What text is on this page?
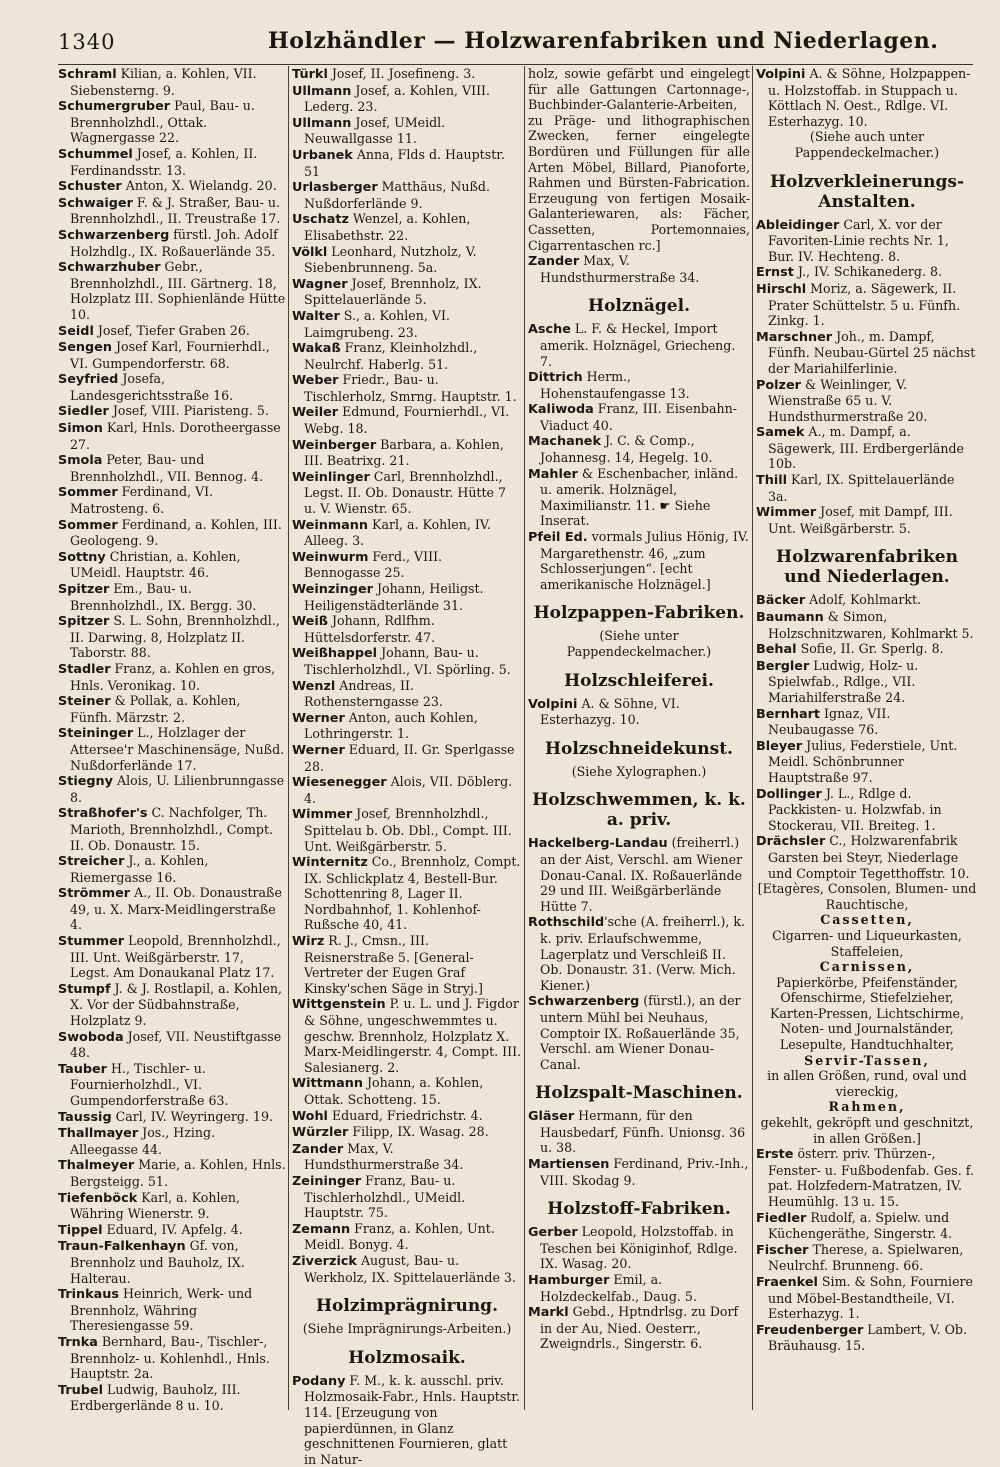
1340	Holzhändler — Holzwarenfabriken und Niederlagen.

Schraml Kilian, a. Kohlen, VII. Siebensterng. 9.

Schumergruber Paul, Bau- u. Brennholzhdl., Ottak. Wagnergasse 22.

Schummel Josef, a. Kohlen, II. Ferdinandsstr. 13.

Schuster Anton, X. Wielandg. 20.

Schwaiger F. & J. Straßer, Bau- u. Brennholzhdl., II. Treustraße 17.

Schwarzenberg fürstl. Joh. Adolf Holzhdlg., IX. Roßauerlände 35.

Schwarzhuber Gebr., Brennholzhdl., III. Gärtnerg. 18, Holzplatz III. Sophienlände Hütte 10.

Seidl Josef, Tiefer Graben 26.

Sengen Josef Karl, Fournierhdl., VI. Gumpendorferstr. 68.

Seyfried Josefa, Landesgerichtsstraße 16.

Siedler Josef, VIII. Piaristeng. 5.

Simon Karl, Hnls. Dorotheergasse 27.

Smola Peter, Bau- und Brennholzhdl., VII. Bennog. 4.

Sommer Ferdinand, VI. Matrosteng. 6.

Sommer Ferdinand, a. Kohlen, III. Geologeng. 9.

Sottny Christian, a. Kohlen, UMeidl. Hauptstr. 46.

Spitzer Em., Bau- u. Brennholzhdl., IX. Bergg. 30.

Spitzer S. L. Sohn, Brennholzhdl., II. Darwing. 8, Holzplatz II. Taborstr. 88.

Stadler Franz, a. Kohlen en gros, Hnls. Veronikag. 10.

Steiner & Pollak, a. Kohlen, Fünfh. Märzstr. 2.

Steininger L., Holzlager der Attersee'r Maschinensäge, Nußd. Nußdorferlände 17.

Stiegny Alois, U. Lilienbrunngasse 8.

Straßhofer's C. Nachfolger, Th. Marioth, Brennholzhdl., Compt. II. Ob. Donaustr. 15.

Streicher J., a. Kohlen, Riemergasse 16.

Strömmer A., II. Ob. Donaustraße 49, u. X. Marx-Meidlingerstraße 4.

Stummer Leopold, Brennholzhdl., III. Unt. Weißgärberstr. 17, Legst. Am Donaukanal Platz 17.

Stumpf J. & J. Rostlapil, a. Kohlen, X. Vor der Südbahnstraße, Holzplatz 9.

Swoboda Josef, VII. Neustiftgasse 48.

Tauber H., Tischler- u. Fournierholzhdl., VI. Gumpendorferstraße 63.

Taussig Carl, IV. Weyringerg. 19.

Thallmayer Jos., Hzing. Alleegasse 44.

Thalmeyer Marie, a. Kohlen, Hnls. Bergsteigg. 51.

Tiefenböck Karl, a. Kohlen, Währing Wienerstr. 9.

Tippel Eduard, IV. Apfelg. 4.

Traun-Falkenhayn Gf. von, Brennholz und Bauholz, IX. Halterau.

Trinkaus Heinrich, Werk- und Brennholz, Währing Theresiengasse 59.

Trnka Bernhard, Bau-, Tischler-, Brennholz- u. Kohlenhdl., Hnls. Hauptstr. 2a.

Trubel Ludwig, Bauholz, III. Erdbergerlände 8 u. 10.

Türkl Josef, II. Josefineng. 3.

Ullmann Josef, a. Kohlen, VIII. Lederg. 23.

Ullmann Josef, UMeidl. Neuwallgasse 11.

Urbanek Anna, Flds d. Hauptstr. 51

Urlasberger Matthäus, Nußd. Nußdorferlände 9.

Uschatz Wenzel, a. Kohlen, Elisabethstr. 22.

Völkl Leonhard, Nutzholz, V. Siebenbrunneng. 5a.

Wagner Josef, Brennholz, IX. Spittelauerlände 5.

Walter S., a. Kohlen, VI. Laimgrubeng. 23.

Wakaß Franz, Kleinholzhdl., Neulrchf. Haberlg. 51.

Weber Friedr., Bau- u. Tischlerholz, Smrng. Hauptstr. 1.

Weiler Edmund, Fournierhdl., VI. Webg. 18.

Weinberger Barbara, a. Kohlen, III. Beatrixg. 21.

Weinlinger Carl, Brennholzhdl., Legst. II. Ob. Donaustr. Hütte 7 u. V. Wienstr. 65.

Weinmann Karl, a. Kohlen, IV. Alleeg. 3.

Weinwurm Ferd., VIII. Bennogasse 25.

Weinzinger Johann, Heiligst. Heiligenstädterlände 31.

Weiß Johann, Rdlfhm. Hüttelsdorferstr. 47.

Weißhappel Johann, Bau- u. Tischlerholzhdl., VI. Spörling. 5.

Wenzl Andreas, II. Rothensterngasse 23.

Werner Anton, auch Kohlen, Lothringerstr. 1.

Werner Eduard, II. Gr. Sperlgasse 28.

Wiesenegger Alois, VII. Döblerg. 4.

Wimmer Josef, Brennholzhdl., Spittelau b. Ob. Dbl., Compt. III. Unt. Weißgärberstr. 5.

Winternitz Co., Brennholz, Compt. IX. Schlickplatz 4, Bestell-Bur. Schottenring 8, Lager II. Nordbahnhof, 1. Kohlenhof-Rußsche 40, 41.

Wirz R. J., Cmsn., III. Reisnerstraße 5. [General-Vertreter der Eugen Graf Kinsky'schen Säge in Stryj.]

Wittgenstein P. u. L. und J. Figdor & Söhne, ungeschwemmtes u. geschw. Brennholz, Holzplatz X. Marx-Meidlingerstr. 4, Compt. III. Salesianerg. 2.

Wittmann Johann, a. Kohlen, Ottak. Schotteng. 15.

Wohl Eduard, Friedrichstr. 4.

Würzler Filipp, IX. Wasag. 28.

Zander Max, V. Hundsthurmerstraße 34.

Zeininger Franz, Bau- u. Tischlerholzhdl., UMeidl. Hauptstr. 75.

Zemann Franz, a. Kohlen, Unt. Meidl. Bonyg. 4.

Ziverzick August, Bau- u. Werkholz, IX. Spittelauerlände 3.

Holzimprägnirung.

(Siehe Imprägnirungs-Arbeiten.)

Holzmosaik.

Podany F. M., k. k. ausschl. priv. Holzmosaik-Fabr., Hnls. Hauptstr. 114. [Erzeugung von papierdünnen, in Glanz geschnittenen Fournieren, glatt in Natur-

holz, sowie gefärbt und eingelegt für alle Gattungen Cartonnage-, Buchbinder-Galanterie-Arbeiten, zu Präge- und lithographischen Zwecken, ferner eingelegte Bordüren und Füllungen für alle Arten Möbel, Billard, Pianoforte, Rahmen und Bürsten-Fabrication. Erzeugung von fertigen Mosaik-Galanteriewaren, als: Fächer, Cassetten, Portemonnaies, Cigarrentaschen rc.]

Zander Max, V. Hundsthurmerstraße 34.

Holznägel.

Asche L. F. & Heckel, Import amerik. Holznägel, Griecheng. 7.

Dittrich Herm., Hohenstaufengasse 13.

Kaliwoda Franz, III. Eisenbahn-Viaduct 40.

Machanek J. C. & Comp., Johannesg. 14, Hegelg. 10.

Mahler & Eschenbacher, inländ. u. amerik. Holznägel, Maximilianstr. 11. ☛ Siehe Inserat.

Pfeil Ed. vormals Julius Hönig, IV. Margarethenstr. 46, „zum Schlosserjungen“. [echt amerikanische Holznägel.]

Holzpappen-Fabriken.

(Siehe unter Pappendeckelmacher.)

Holzschleiferei.

Volpini A. & Söhne, VI. Esterhazyg. 10.

Holzschneidekunst.

(Siehe Xylographen.)

Holzschwemmen, k. k. a. priv.

Hackelberg-Landau (freiherrl.) an der Aist, Verschl. am Wiener Donau-Canal. IX. Roßauerlände 29 und III. Weißgärberlände Hütte 7.

Rothschild'sche (A. freiherrl.), k. k. priv. Erlaufschwemme, Lagerplatz und Verschleiß II. Ob. Donaustr. 31. (Verw. Mich. Kiener.)

Schwarzenberg (fürstl.), an der untern Mühl bei Neuhaus, Comptoir IX. Roßauerlände 35, Verschl. am Wiener Donau-Canal.

Holzspalt-Maschinen.

Gläser Hermann, für den Hausbedarf, Fünfh. Unionsg. 36 u. 38.

Martiensen Ferdinand, Priv.-Inh., VIII. Skodag 9.

Holzstoff-Fabriken.

Gerber Leopold, Holzstoffab. in Teschen bei Königinhof, Rdlge. IX. Wasag. 20.

Hamburger Emil, a. Holzdeckelfab., Daug. 5.

Markl Gebd., Hptndrlsg. zu Dorf in der Au, Nied. Oesterr., Zweigndrls., Singerstr. 6.

Volpini A. & Söhne, Holzpappen- u. Holzstoffab. in Stuppach u. Köttlach N. Oest., Rdlge. VI. Esterhazyg. 10.

(Siehe auch unter Pappendeckelmacher.)

Holzverkleinerungs-Anstalten.

Ableidinger Carl, X. vor der Favoriten-Linie rechts Nr. 1, Bur. IV. Hechteng. 8.

Ernst J., IV. Schikanederg. 8.

Hirschl Moriz, a. Sägewerk, II. Prater Schüttelstr. 5 u. Fünfh. Zinkg. 1.

Marschner Joh., m. Dampf, Fünfh. Neubau-Gürtel 25 nächst der Mariahilferlinie.

Polzer & Weinlinger, V. Wienstraße 65 u. V. Hundsthurmerstraße 20.

Samek A., m. Dampf, a. Sägewerk, III. Erdbergerlände 10b.

Thill Karl, IX. Spittelauerlände 3a.

Wimmer Josef, mit Dampf, III. Unt. Weißgärberstr. 5.

Holzwarenfabriken und Niederlagen.

Bäcker Adolf, Kohlmarkt.

Baumann & Simon, Holzschnitzwaren, Kohlmarkt 5.

Behal Sofie, II. Gr. Sperlg. 8.

Bergler Ludwig, Holz- u. Spielwfab., Rdlge., VII. Mariahilferstraße 24.

Bernhart Ignaz, VII. Neubaugasse 76.

Bleyer Julius, Federstiele, Unt. Meidl. Schönbrunner Hauptstraße 97.

Dollinger J. L., Rdlge d. Packkisten- u. Holzwfab. in Stockerau, VII. Breiteg. 1.

Drächsler C., Holzwarenfabrik Garsten bei Steyr, Niederlage und Comptoir Tegetthoffstr. 10.

[Etagères, Consolen, Blumen- und Rauchtische,

Cassetten,

Cigarren- und Liqueurkasten, Staffeleien,

Carnissen,

Papierkörbe, Pfeifenständer, Ofenschirme, Stiefelzieher, Karten-Pressen, Lichtschirme,

Noten- und Journalständer,

Lesepulte, Handtuchhalter,

Servir-Tassen,

in allen Größen, rund, oval und viereckig,

Rahmen,

gekehlt, gekröpft und geschnitzt, in allen Größen.]

Erste österr. priv. Thürzen-, Fenster- u. Fußbodenfab. Ges. f. pat. Holzfedern-Matratzen, IV. Heumühlg. 13 u. 15.

Fiedler Rudolf, a. Spielw. und Küchengeräthe, Singerstr. 4.

Fischer Therese, a. Spielwaren, Neulrchf. Brunneng. 66.

Fraenkel Sim. & Sohn, Fourniere und Möbel-Bestandtheile, VI. Esterhazyg. 1.

Freudenberger Lambert, V. Ob. Bräuhausg. 15.
